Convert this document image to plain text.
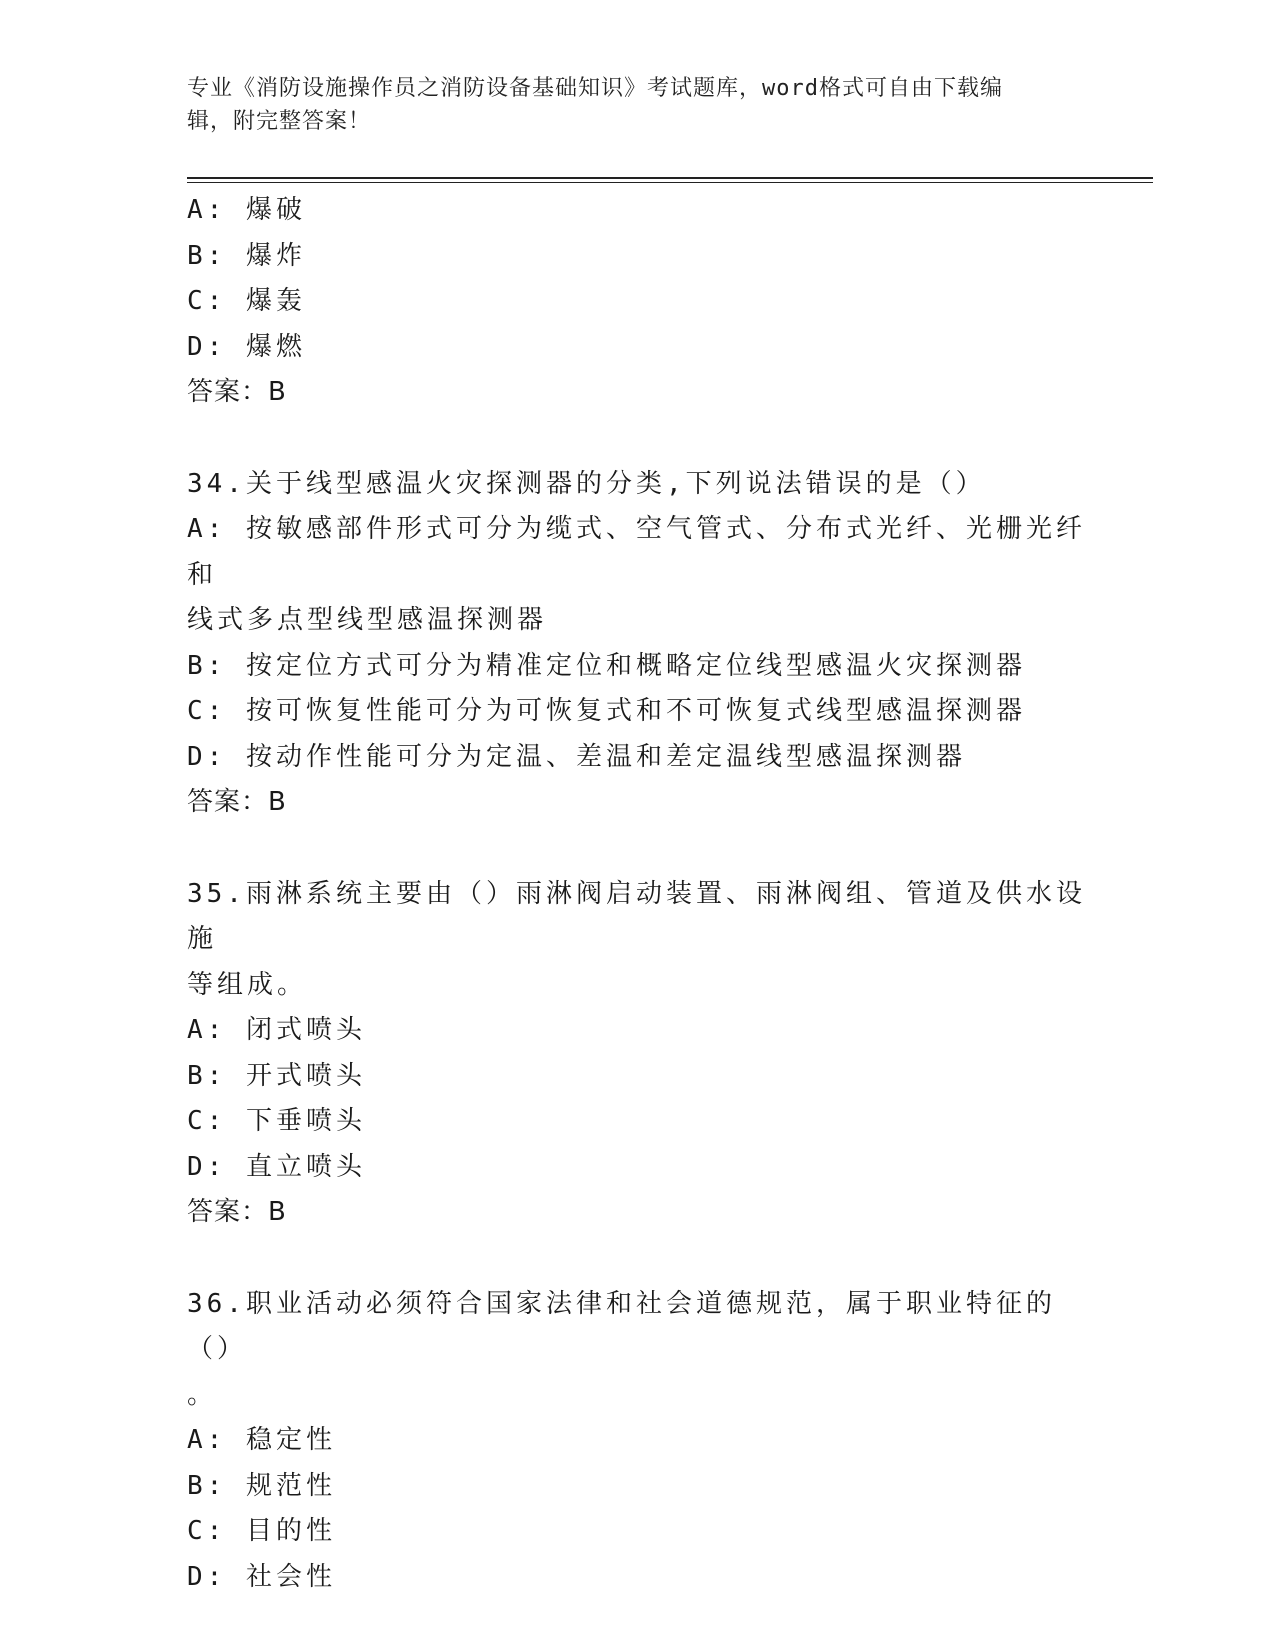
专业《消防设施操作员之消防设备基础知识》考试题库，word格式可自由下载编
辑，附完整答案！
A: 爆破
B: 爆炸
C: 爆轰
D: 爆燃
答案：B
34.关于线型感温火灾探测器的分类,下列说法错误的是（）
A: 按敏感部件形式可分为缆式、空气管式、分布式光纤、光栅光纤和
线式多点型线型感温探测器
B: 按定位方式可分为精准定位和概略定位线型感温火灾探测器
C: 按可恢复性能可分为可恢复式和不可恢复式线型感温探测器
D: 按动作性能可分为定温、差温和差定温线型感温探测器
答案：B
35.雨淋系统主要由（）雨淋阀启动装置、雨淋阀组、管道及供水设施
等组成。
A: 闭式喷头
B: 开式喷头
C: 下垂喷头
D: 直立喷头
答案：B
36.职业活动必须符合国家法律和社会道德规范，属于职业特征的（）
。
A: 稳定性
B: 规范性
C: 目的性
D: 社会性
